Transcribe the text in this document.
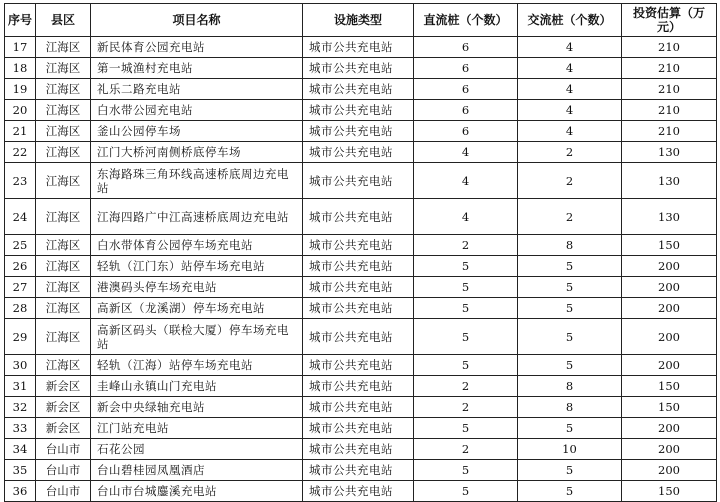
序号	县区	项目名称	设施类型	直流桩（个数）	交流桩（个数）	投资估算（万元）
17	江海区	新民体育公园充电站	城市公共充电站	6	4	210
18	江海区	第一城渔村充电站	城市公共充电站	6	4	210
19	江海区	礼乐二路充电站	城市公共充电站	6	4	210
20	江海区	白水带公园充电站	城市公共充电站	6	4	210
21	江海区	釜山公园停车场	城市公共充电站	6	4	210
22	江海区	江门大桥河南侧桥底停车场	城市公共充电站	4	2	130
23	江海区	东海路珠三角环线高速桥底周边充电站	城市公共充电站	4	2	130
24	江海区	江海四路广中江高速桥底周边充电站	城市公共充电站	4	2	130
25	江海区	白水带体育公园停车场充电站	城市公共充电站	2	8	150
26	江海区	轻轨（江门东）站停车场充电站	城市公共充电站	5	5	200
27	江海区	港澳码头停车场充电站	城市公共充电站	5	5	200
28	江海区	高新区（龙溪湖）停车场充电站	城市公共充电站	5	5	200
29	江海区	高新区码头（联检大厦）停车场充电站	城市公共充电站	5	5	200
30	江海区	轻轨（江海）站停车场充电站	城市公共充电站	5	5	200
31	新会区	圭峰山永镇山门充电站	城市公共充电站	2	8	150
32	新会区	新会中央绿轴充电站	城市公共充电站	2	8	150
33	新会区	江门站充电站	城市公共充电站	5	5	200
34	台山市	石花公园	城市公共充电站	2	10	200
35	台山市	台山碧桂园凤凰酒店	城市公共充电站	5	5	200
36	台山市	台山市台城鏖溪充电站	城市公共充电站	5	5	150
